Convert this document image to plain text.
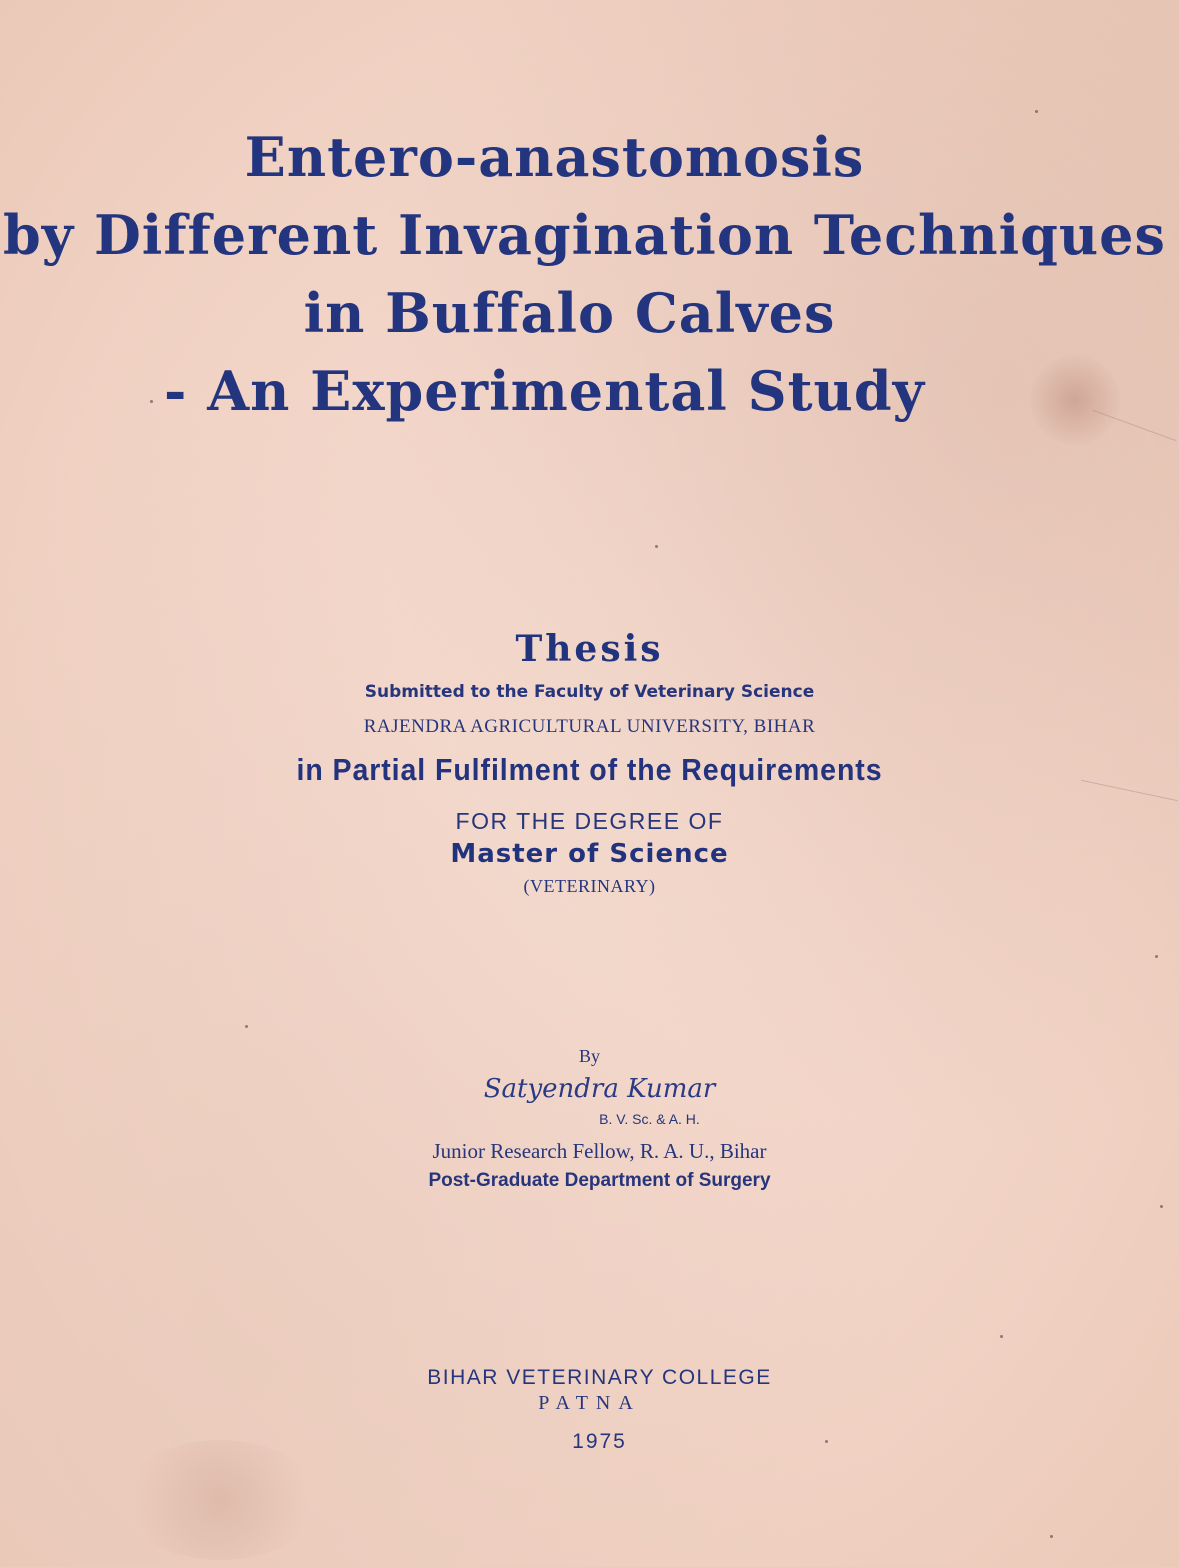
Entero-anastomosis
by Different Invagination Techniques
in Buffalo Calves
- An Experimental Study
Thesis
Submitted to the Faculty of Veterinary Science
RAJENDRA AGRICULTURAL UNIVERSITY, BIHAR
in Partial Fulfilment of the Requirements
FOR THE DEGREE OF
Master of Science
(VETERINARY)
By
Satyendra Kumar
B. V. Sc. & A. H.
Junior Research Fellow, R. A. U., Bihar
Post-Graduate Department of Surgery
BIHAR VETERINARY COLLEGE
PATNA
1975
